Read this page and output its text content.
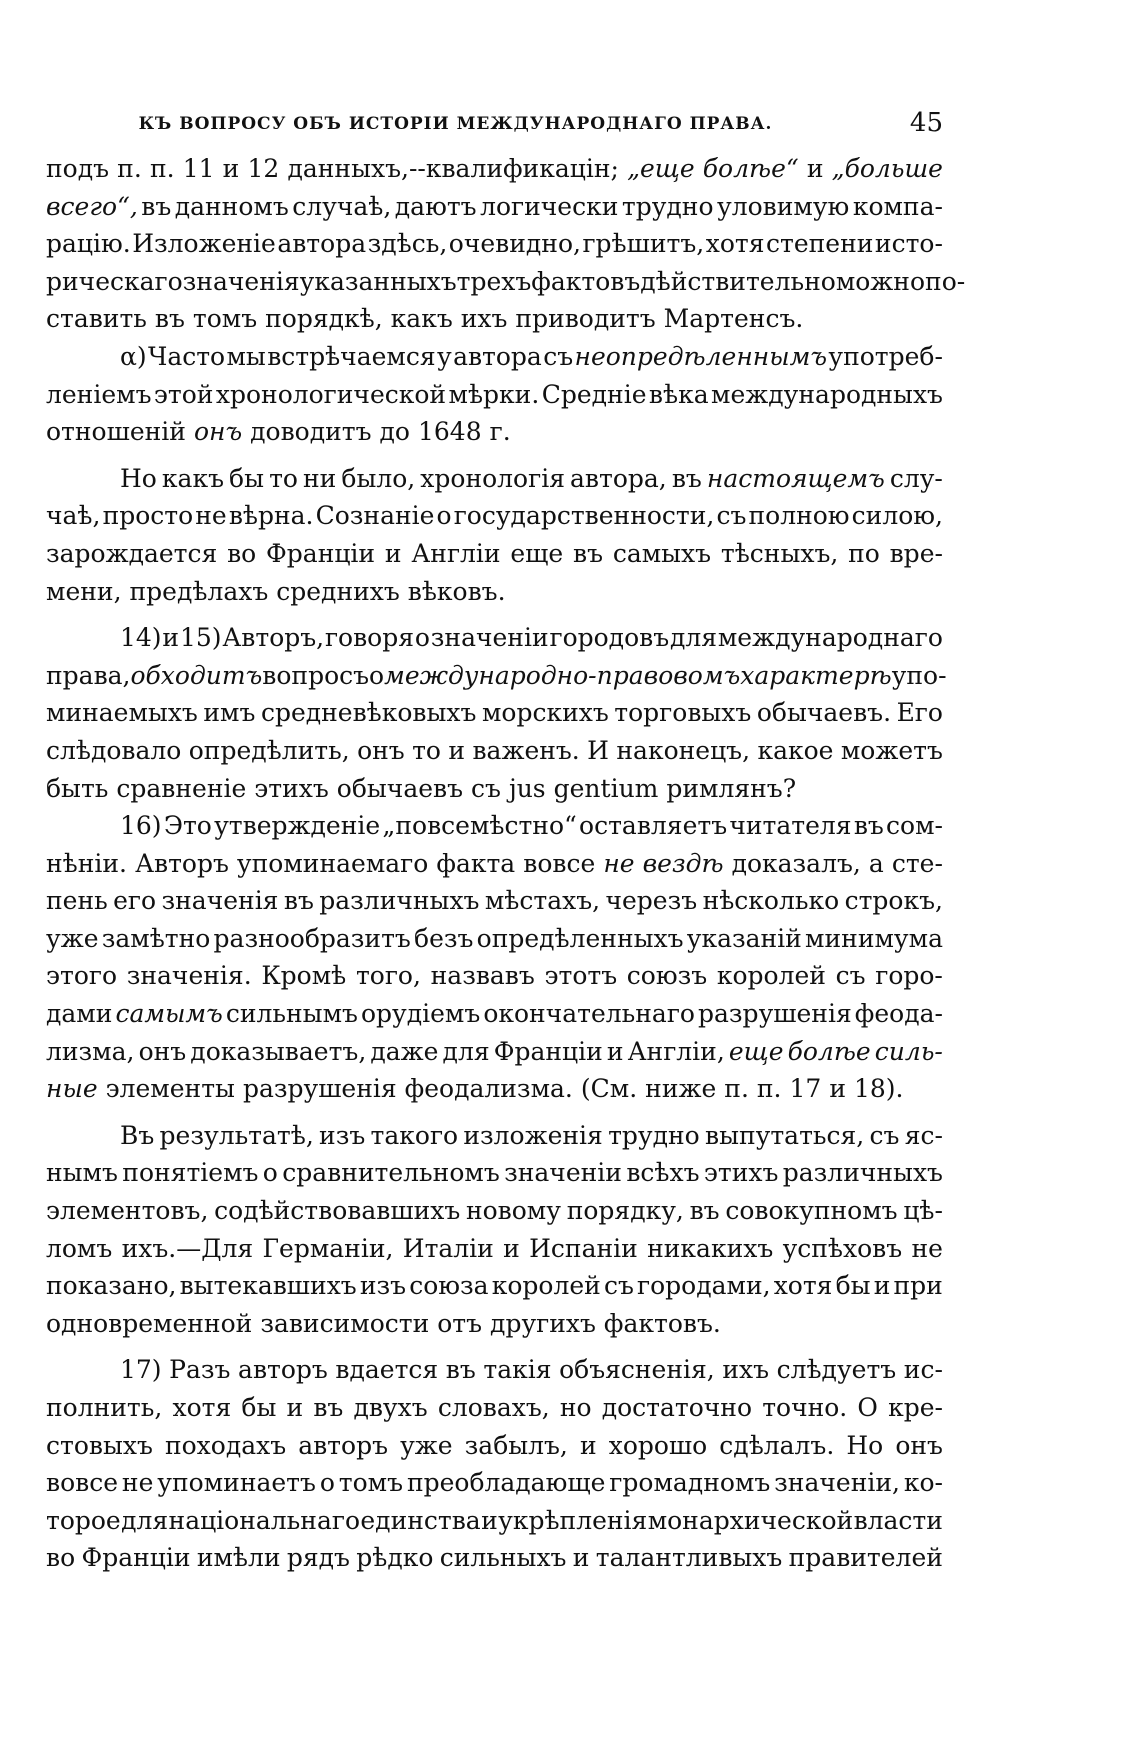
КЪ ВОПРОСУ ОБЪ ИСТОРІИ МЕЖДУНАРОДНАГО ПРАВА.	45
подъ п. п. 11 и 12 данныхъ,--квалификацін; „еще болѣе“ и „больше
всего“, въ данномъ случаѣ, даютъ логически трудно уловимую компа-
рацію. Изложеніе автора здѣсь, очевидно, грѣшитъ, хотя степени исто-
рическаго значенія указанныхъ трехъ фактовъ дѣйствительно можно по-
ставить въ томъ порядкѣ, какъ ихъ приводитъ Мартенсъ.
α) Часто мы встрѣчаемся у автора съ неопредѣленнымъ употреб-
леніемъ этой хронологической мѣрки. Средніе вѣка международныхъ
отношеній онъ доводитъ до 1648 г.
Но какъ бы то ни было, хронологія автора, въ настоящемъ слу-
чаѣ, просто не вѣрна. Сознаніе о государственности, съ полною силою,
зарождается во Франціи и Англіи еще въ самыхъ тѣсныхъ, по вре-
мени, предѣлахъ среднихъ вѣковъ.
14) и 15) Авторъ, говоря о значеніи городовъ для международнаго
права, обходитъ вопросъ о международно-правовомъ характерѣ упо-
минаемыхъ имъ средневѣковыхъ морскихъ торговыхъ обычаевъ. Его
слѣдовало опредѣлить, онъ то и важенъ. И наконецъ, какое можетъ
быть сравненіе этихъ обычаевъ съ jus gentium римлянъ?
16) Это утвержденіе „повсемѣстно“ оставляетъ читателя въ сом-
нѣніи. Авторъ упоминаемаго факта вовсе не вездѣ доказалъ, а сте-
пень его значенія въ различныхъ мѣстахъ, черезъ нѣсколько строкъ,
уже замѣтно разнообразитъ безъ опредѣленныхъ указаній минимума
этого значенія. Кромѣ того, назвавъ этотъ союзъ королей съ горо-
дами самымъ сильнымъ орудіемъ окончательнаго разрушенія феода-
лизма, онъ доказываетъ, даже для Франціи и Англіи, еще болѣе силь-
ные элементы разрушенія феодализма. (См. ниже п. п. 17 и 18).
Въ результатѣ, изъ такого изложенія трудно выпутаться, съ яс-
нымъ понятіемъ о сравнительномъ значеніи всѣхъ этихъ различныхъ
элементовъ, содѣйствовавшихъ новому порядку, въ совокупномъ цѣ-
ломъ ихъ.—Для Германіи, Италіи и Испаніи никакихъ успѣховъ не
показано, вытекавшихъ изъ союза королей съ городами, хотя бы и при
одновременной зависимости отъ другихъ фактовъ.
17) Разъ авторъ вдается въ такія объясненія, ихъ слѣдуетъ ис-
полнить, хотя бы и въ двухъ словахъ, но достаточно точно. О кре-
стовыхъ походахъ авторъ уже забылъ, и хорошо сдѣлалъ. Но онъ
вовсе не упоминаетъ о томъ преобладающе громадномъ значеніи, ко-
торое для національнаго единства и укрѣпленія монархической власти
во Франціи имѣли рядъ рѣдко сильныхъ и талантливыхъ правителей
